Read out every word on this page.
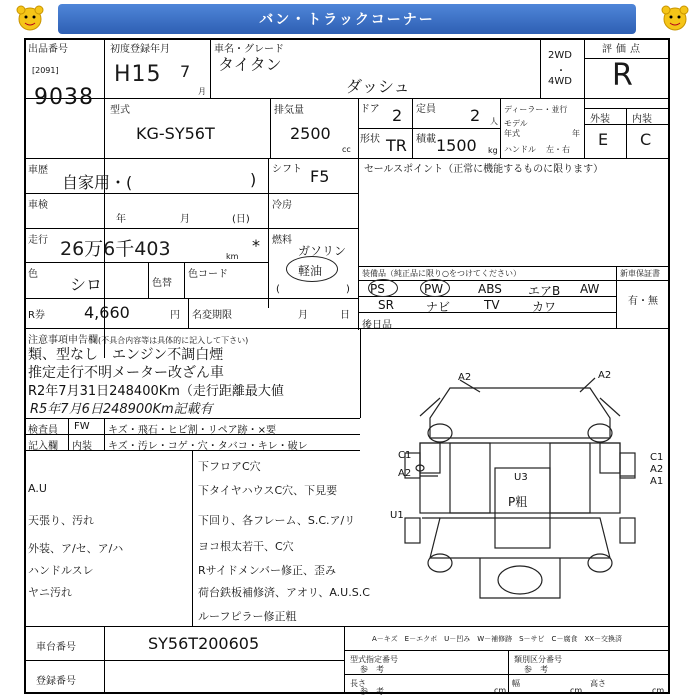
バン・トラックコーナー
出品番号
[2091]
9038
初度登録年月
H15 7
月
車名・グレード
タイタン
ダッシュ
2WD
・
4WD
評価点
R
型式
KG-SY56T
排気量
2500
cc
ドア 2 定員 2 人
形状 TR 積載 1500 kg
ディーラー・並行
モデル
年式	年
ハンドル 左・右
外装 内装
E C
車歴
自家用・(	)
シフト F5
車検
年	月	(日)
冷房
走行 26万6千403	km
* 燃料
ガソリン
軽油
(	)
色
シロ	色替
色コード
R券 4,660	円 名変期限	月	日
セールスポイント（正常に機能するものに限ります）
装備品（純正品に限り○をつけてください）	新車保証書
有・無
PS	PW	ABS エアB AW
SR	ナビ	TV	カワ
後日品
注意事項申告欄(不具合内容等は具体的に記入して下さい)
類、型なし　エンジン不調白煙
推定走行不明メーター改ざん車
R2年7月31日248400Km（走行距離最大値
R5年7月6日248900Km記載有
検査員
記入欄
FW キズ・飛石・ヒビ割・リペア跡・×要
内装 キズ・汚レ・コゲ・穴・タバコ・キレ・破レ
A.U
天張り、汚れ
外装、ア/セ、ア/ハ
ハンドルスレ
ヤニ汚れ
下フロアC穴
下タイヤハウスC穴、下見要
下回り、各フレーム、S.C.ア/リ
ヨコ根太若干、C穴
Rサイドメンバー修正、歪み
荷台鉄板補修済、アオリ、A.U.S.C
ルーフピラー修正粗
A2	A2
C1
A2	U3
C1
A2
A1
U1
P粗
車台番号	SY56T200605
登録番号
A－キズ　E－エクボ　U－凹み　W－補修跡　S－サビ　C－腐食　XX－交換済
型式指定番号
参　考
類別区分番号
参　考
長さ
参　考	cm
幅
cm
高さ
cm
